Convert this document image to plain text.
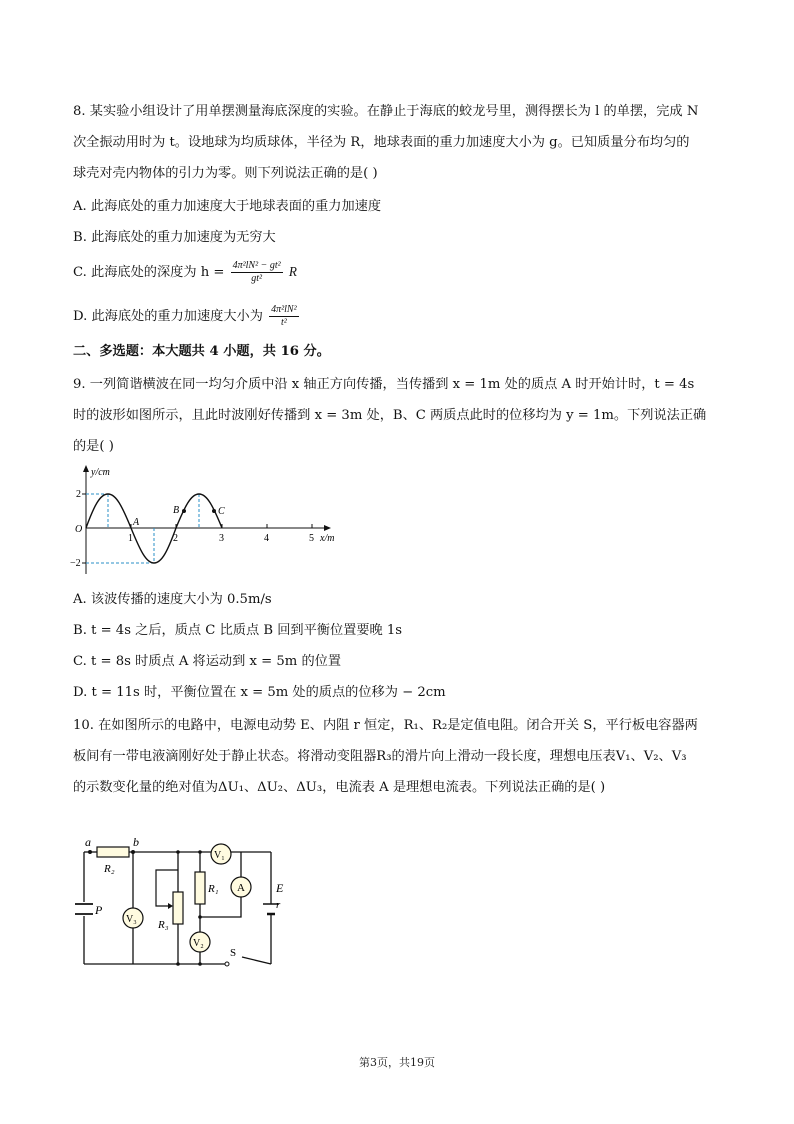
8. 某实验小组设计了用单摆测量海底深度的实验。在静止于海底的蛟龙号里，测得摆长为 l 的单摆，完成 N
次全振动用时为 t。设地球为均质球体，半径为 R，地球表面的重力加速度大小为 g。已知质量分布均匀的
球壳对壳内物体的引力为零。则下列说法正确的是( )
A. 此海底处的重力加速度大于地球表面的重力加速度
B. 此海底处的重力加速度为无穷大
C. 此海底处的深度为 $h = \frac{\text{4π²lN² − gt²}}{\text{gt²}}$ R
D. 此海底处的重力加速度大小为 $\frac{\text{4π²lN²}}{\text{t²}}$
二、多选题：本大题共 4 小题，共 16 分。
9. 一列简谐横波在同一均匀介质中沿 x 轴正方向传播，当传播到 x = 1m 处的质点 A 时开始计时，t = 4s
时的波形如图所示，且此时波刚好传播到 x = 3m 处，B、C 两质点此时的位移均为 y = 1m。下列说法正确
的是( )
y/cm
x/m
O
2
−2
1	2	3	4	5
A
B	C
A. 该波传播的速度大小为 0.5m/s
B. t = 4s 之后，质点 C 比质点 B 回到平衡位置要晚 1s
C. t = 8s 时质点 A 将运动到 x = 5m 的位置
D. t = 11s 时，平衡位置在 x = 5m 处的质点的位移为 − 2cm
10. 在如图所示的电路中，电源电动势 E、内阻 r 恒定，R₁、R₂是定值电阻。闭合开关 S，平行板电容器两
板间有一带电液滴刚好处于静止状态。将滑动变阻器R₃的滑片向上滑动一段长度，理想电压表V₁、V₂、V₃
的示数变化量的绝对值为ΔU₁、ΔU₂、ΔU₃，电流表 A 是理想电流表。下列说法正确的是( )
a	b
R₂
P
V₃ R₃
R₁
V₁
A
V₂
E
r
S
第3页，共19页
